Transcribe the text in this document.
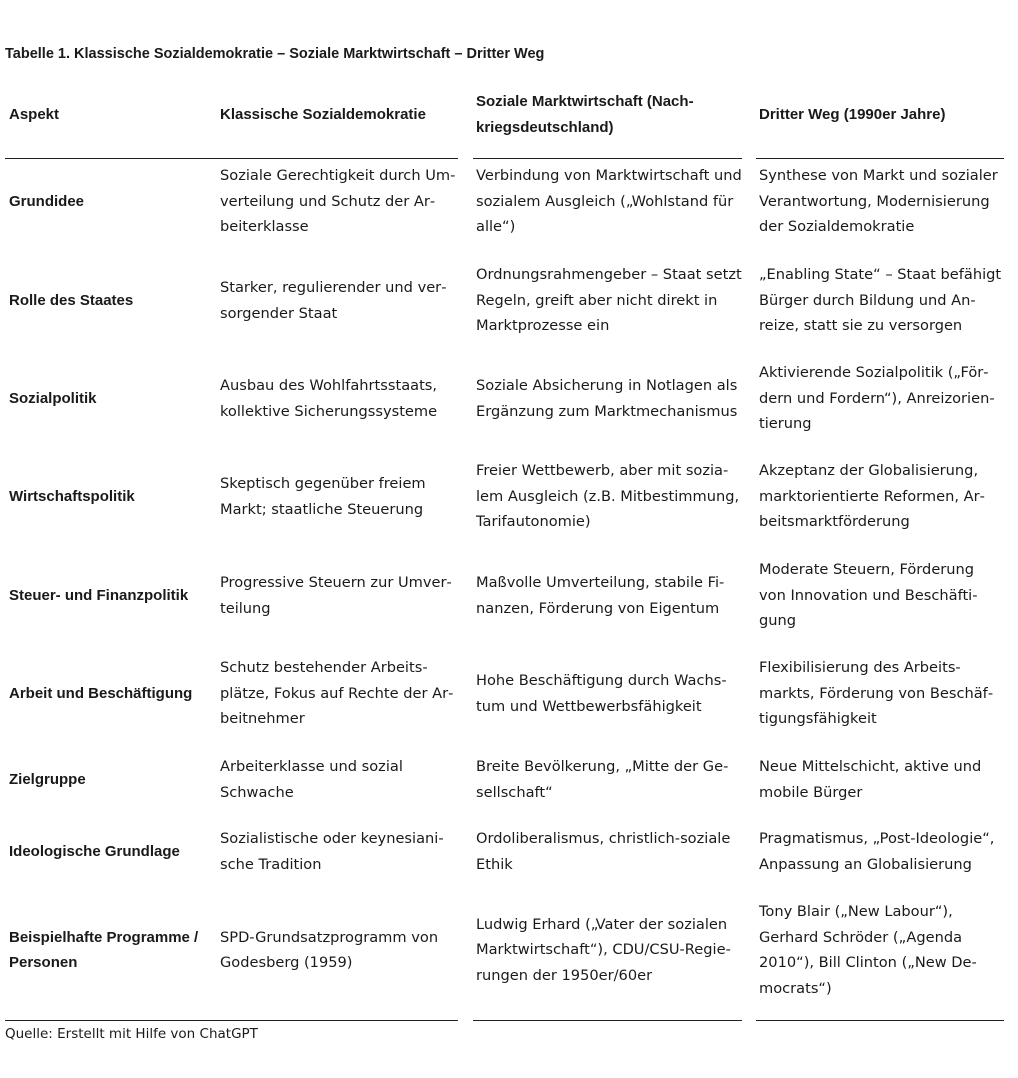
Tabelle 1. Klassische Sozialdemokratie – Soziale Marktwirtschaft – Dritter Weg
Aspekt	Klassische Sozialdemokratie
Soziale Marktwirtschaft (Nachkriegsdeutschland)
Dritter Weg (1990er Jahre)
Grundidee
Soziale Gerechtigkeit durch Umverteilung und Schutz der Arbeiterklasse
Verbindung von Marktwirtschaft und sozialem Ausgleich („Wohlstand für alle“)
Synthese von Markt und sozialer Verantwortung, Modernisierung der Sozialdemokratie
Rolle des Staates
Starker, regulierender und versorgender Staat
Ordnungsrahmengeber – Staat setzt Regeln, greift aber nicht direkt in Marktprozesse ein
„Enabling State“ – Staat befähigt Bürger durch Bildung und Anreize, statt sie zu versorgen
Sozialpolitik
Ausbau des Wohlfahrtsstaats, kollektive Sicherungssysteme
Soziale Absicherung in Notlagen als Ergänzung zum Marktmechanismus
Aktivierende Sozialpolitik („Fördern und Fordern“), Anreizorientierung
Wirtschaftspolitik
Skeptisch gegenüber freiem Markt; staatliche Steuerung
Freier Wettbewerb, aber mit sozialem Ausgleich (z.B. Mitbestimmung, Tarifautonomie)
Akzeptanz der Globalisierung, marktorientierte Reformen, Arbeitsmarktförderung
Steuer- und Finanzpolitik
Progressive Steuern zur Umverteilung
Maßvolle Umverteilung, stabile Finanzen, Förderung von Eigentum
Moderate Steuern, Förderung von Innovation und Beschäftigung
Arbeit und Beschäftigung
Schutz bestehender Arbeitsplätze, Fokus auf Rechte der Arbeitnehmer
Hohe Beschäftigung durch Wachstum und Wettbewerbsfähigkeit
Flexibilisierung des Arbeitsmarkts, Förderung von Beschäftigungsfähigkeit
Zielgruppe
Arbeiterklasse und sozial Schwache
Breite Bevölkerung, „Mitte der Gesellschaft“
Neue Mittelschicht, aktive und mobile Bürger
Ideologische Grundlage
Sozialistische oder keynesianische Tradition
Ordoliberalismus, christlich-soziale Ethik
Pragmatismus, „Post-Ideologie“, Anpassung an Globalisierung
Beispielhafte Programme / Personen
SPD-Grundsatzprogramm von Godesberg (1959)
Ludwig Erhard („Vater der sozialen Marktwirtschaft“), CDU/CSU-Regierungen der 1950er/60er
Tony Blair („New Labour“), Gerhard Schröder („Agenda 2010“), Bill Clinton („New Democrats“)
Quelle: Erstellt mit Hilfe von ChatGPT
